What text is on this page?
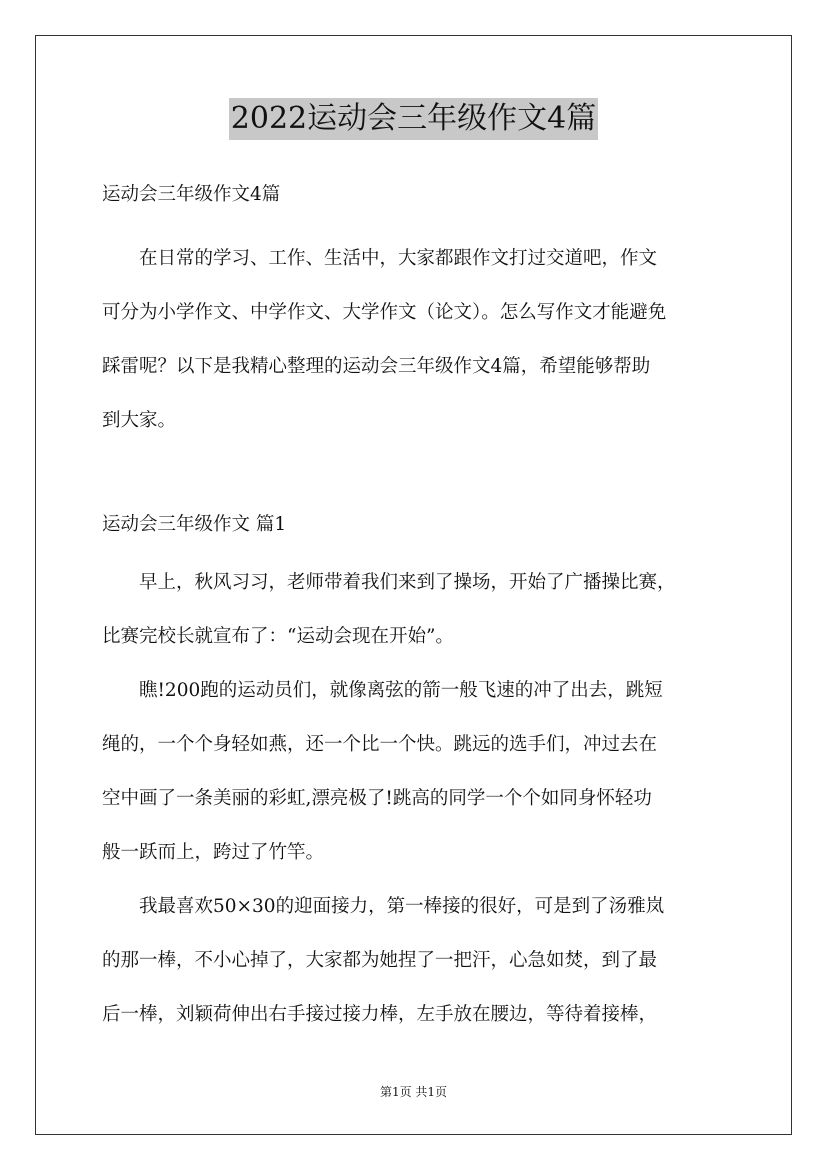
2022运动会三年级作文4篇

运动会三年级作文4篇

在日常的学习、工作、生活中，大家都跟作文打过交道吧，作文
可分为小学作文、中学作文、大学作文（论文）。怎么写作文才能避免
踩雷呢？以下是我精心整理的运动会三年级作文4篇，希望能够帮助
到大家。

运动会三年级作文 篇1

早上，秋风习习，老师带着我们来到了操场，开始了广播操比赛，
比赛完校长就宣布了：“运动会现在开始”。

瞧!200跑的运动员们，就像离弦的箭一般飞速的冲了出去，跳短
绳的，一个个身轻如燕，还一个比一个快。跳远的选手们，冲过去在
空中画了一条美丽的彩虹,漂亮极了!跳高的同学一个个如同身怀轻功
般一跃而上，跨过了竹竿。

我最喜欢50×30的迎面接力，第一棒接的很好，可是到了汤雅岚
的那一棒，不小心掉了，大家都为她捏了一把汗，心急如焚，到了最
后一棒，刘颖荷伸出右手接过接力棒，左手放在腰边，等待着接棒，

第1页 共1页
